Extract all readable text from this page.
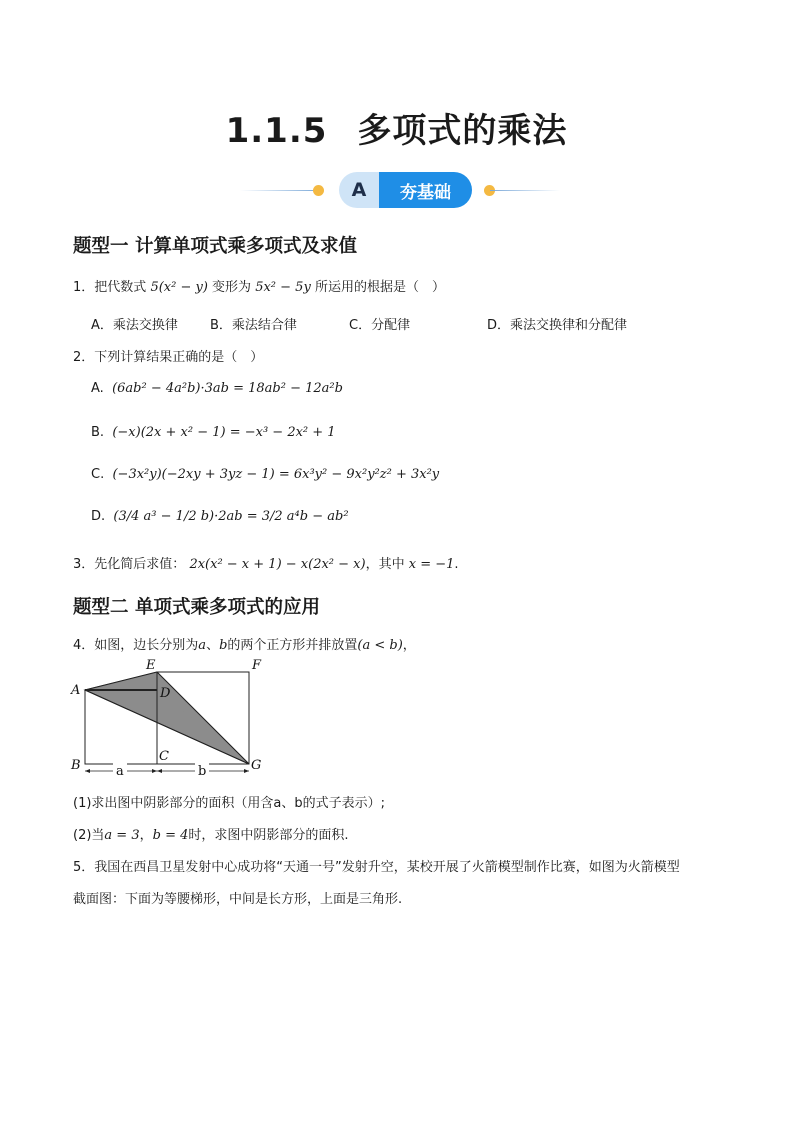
1.1.5 多项式的乘法
A	夯基础
题型一 计算单项式乘多项式及求值
1．把代数式 5(x² − y) 变形为 5x² − 5y 所运用的根据是（　）
A．乘法交换律 B．乘法结合律	C．分配律	D．乘法交换律和分配律
2．下列计算结果正确的是（　）
A. (6ab² − 4a²b)·3ab = 18ab² − 12a²b
B. (−x)(2x + x² − 1) = −x³ − 2x² + 1
C. (−3x²y)(−2xy + 3yz − 1) = 6x³y² − 9x²y²z² + 3x²y
D. (3/4 a³ − 1/2 b)·2ab = 3/2 a⁴b − ab²
3．先化简后求值： 2x(x² − x + 1) − x(2x² − x)，其中 x = −1.
题型二 单项式乘多项式的应用
4．如图，边长分别为a、b的两个正方形并排放置(a < b)，
A
B
C
D
E	F
G
a	b
(1)求出图中阴影部分的面积（用含a、b的式子表示）;
(2)当a = 3，b = 4时，求图中阴影部分的面积.
5．我国在西昌卫星发射中心成功将“天通一号”发射升空，某校开展了火箭模型制作比赛，如图为火箭模型
截面图：下面为等腰梯形，中间是长方形，上面是三角形.
